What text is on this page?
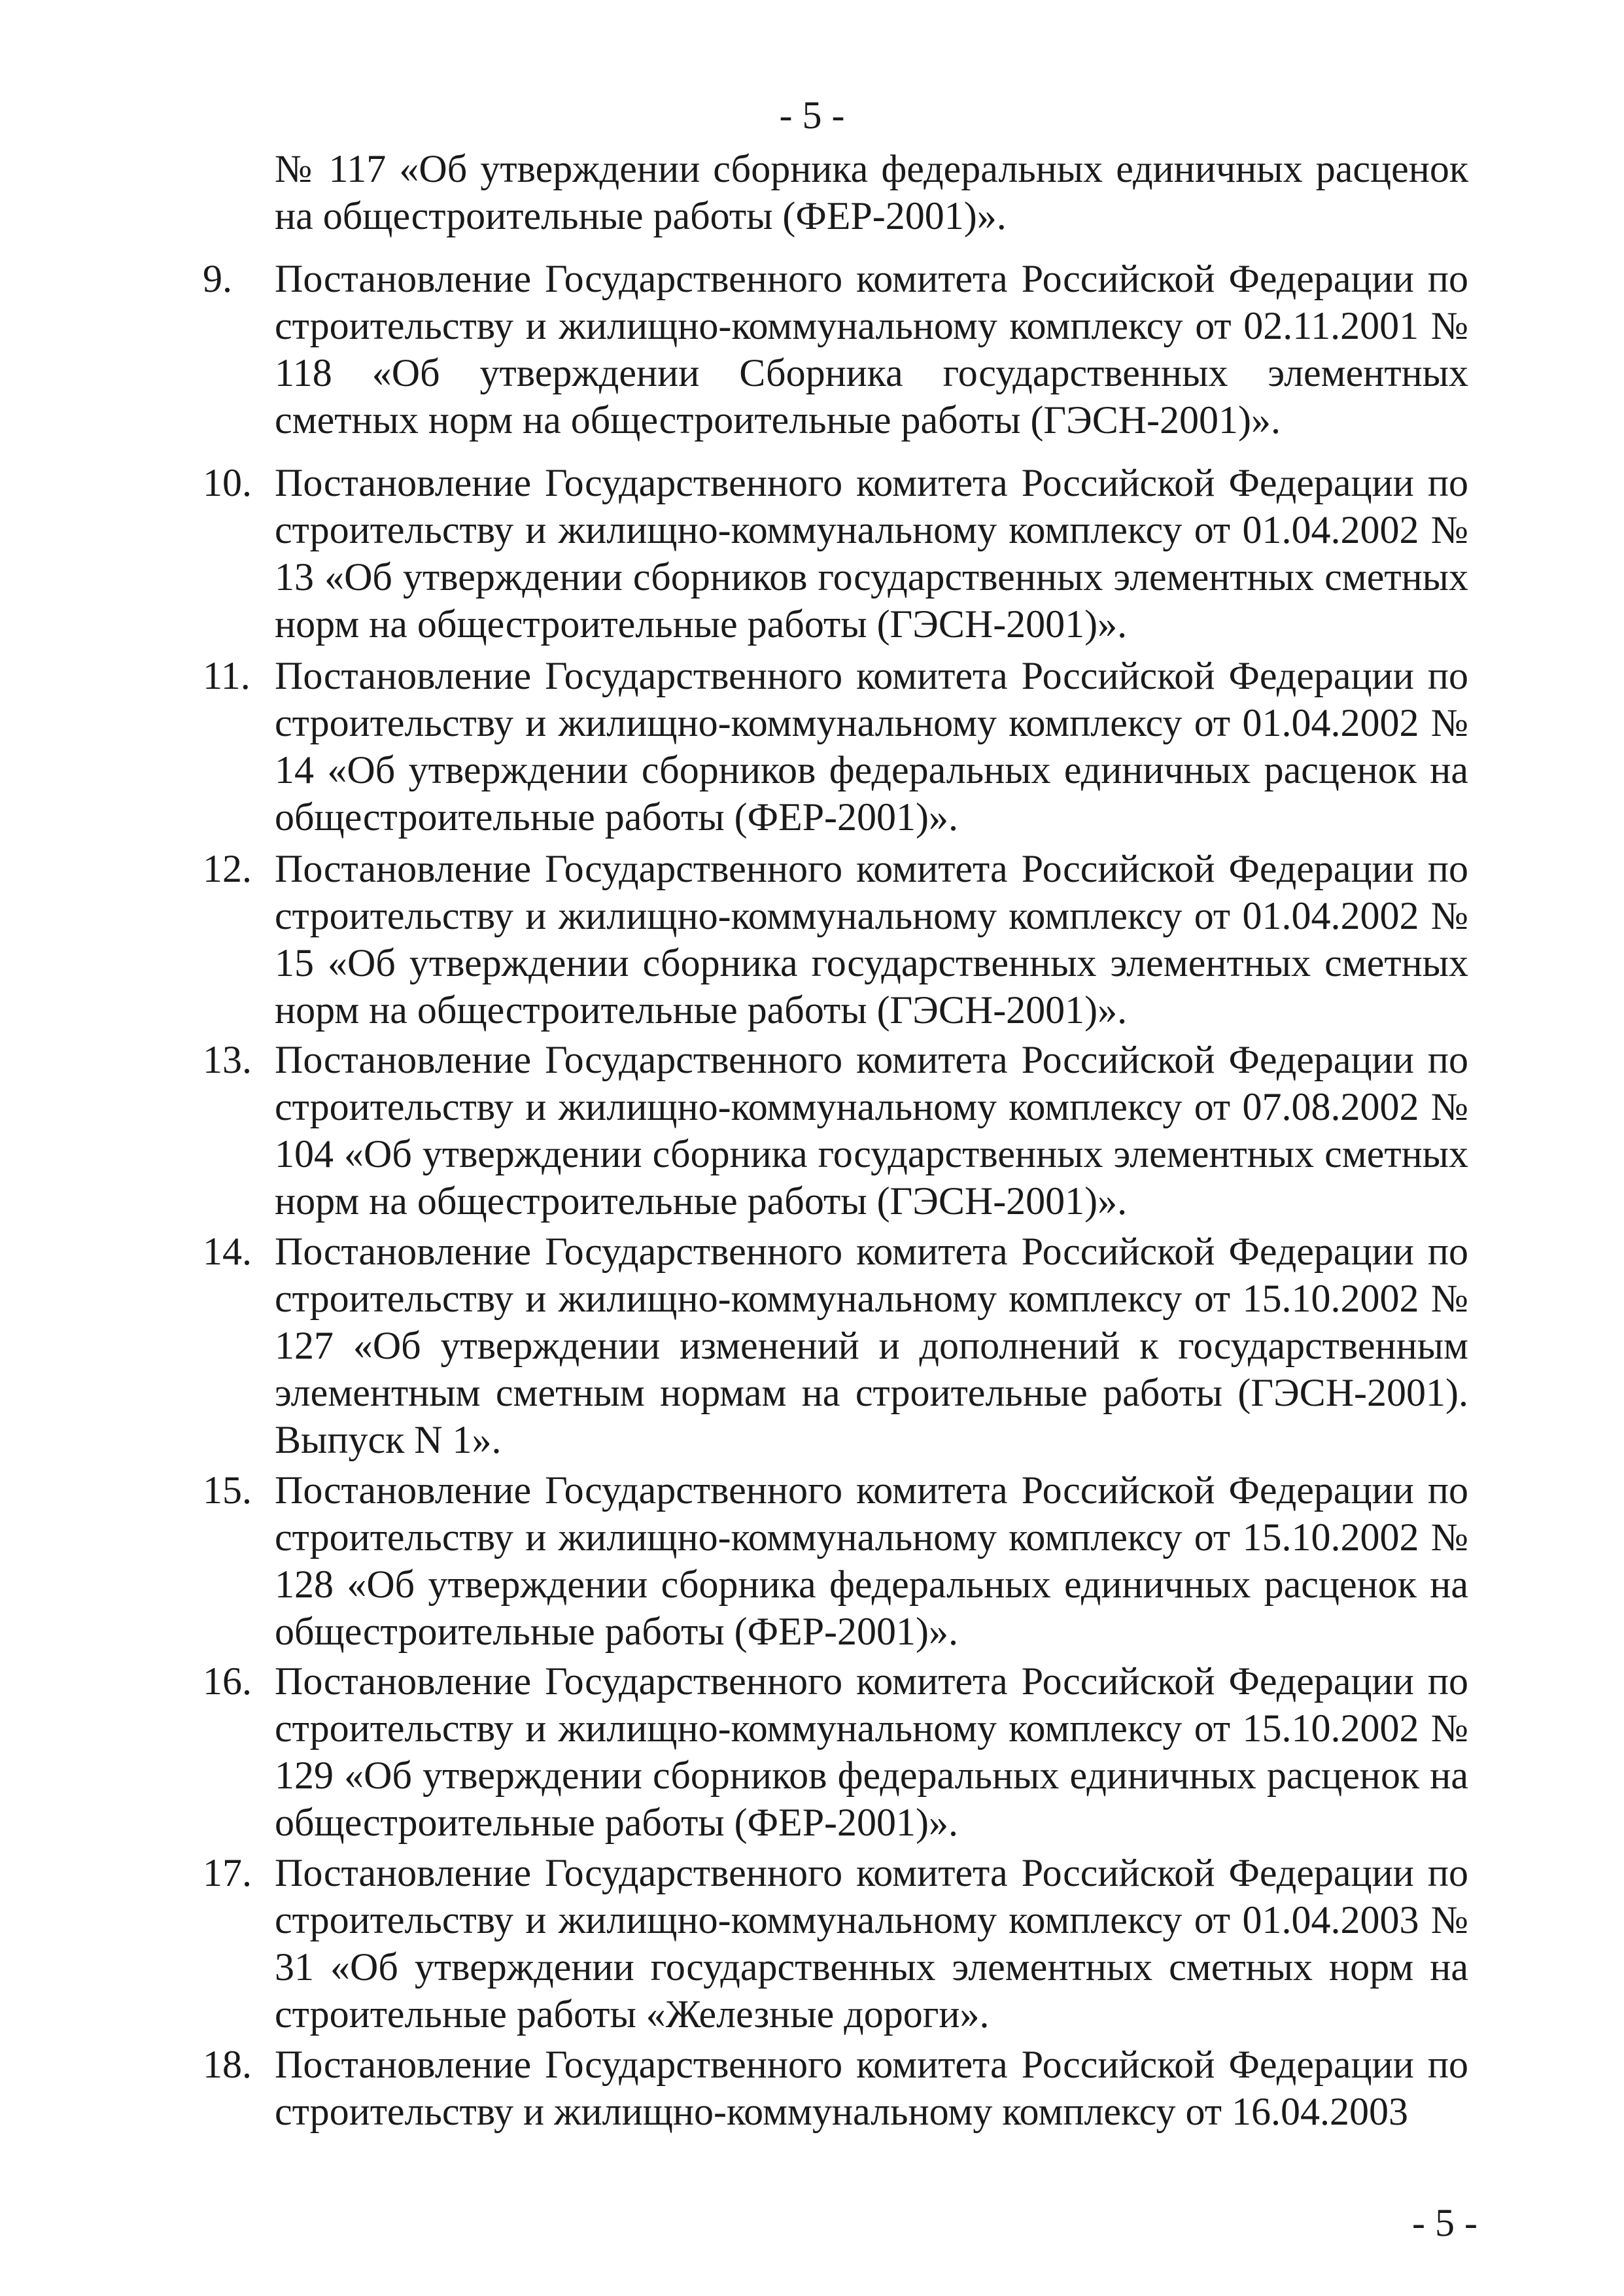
- 5 -
№ 117 «Об утверждении сборника федеральных единичных расценок на общестроительные работы (ФЕР-2001)».
9.	Постановление Государственного комитета Российской Федерации по строительству и жилищно-коммунальному комплексу от 02.11.2001 № 118 «Об утверждении Сборника государственных элементных сметных норм на общестроительные работы (ГЭСН-2001)».
10. Постановление Государственного комитета Российской Федерации по строительству и жилищно-коммунальному комплексу от 01.04.2002 № 13 «Об утверждении сборников государственных элементных сметных норм на общестроительные работы (ГЭСН-2001)».
11. Постановление Государственного комитета Российской Федерации по строительству и жилищно-коммунальному комплексу от 01.04.2002 № 14 «Об утверждении сборников федеральных единичных расценок на общестроительные работы (ФЕР-2001)».
12. Постановление Государственного комитета Российской Федерации по строительству и жилищно-коммунальному комплексу от 01.04.2002 № 15 «Об утверждении сборника государственных элементных сметных норм на общестроительные работы (ГЭСН-2001)».
13. Постановление Государственного комитета Российской Федерации по строительству и жилищно-коммунальному комплексу от 07.08.2002 № 104 «Об утверждении сборника государственных элементных сметных норм на общестроительные работы (ГЭСН-2001)».
14. Постановление Государственного комитета Российской Федерации по строительству и жилищно-коммунальному комплексу от 15.10.2002 № 127 «Об утверждении изменений и дополнений к государственным элементным сметным нормам на строительные работы (ГЭСН-2001). Выпуск N 1».
15. Постановление Государственного комитета Российской Федерации по строительству и жилищно-коммунальному комплексу от 15.10.2002 № 128 «Об утверждении сборника федеральных единичных расценок на общестроительные работы (ФЕР-2001)».
16. Постановление Государственного комитета Российской Федерации по строительству и жилищно-коммунальному комплексу от 15.10.2002 № 129 «Об утверждении сборников федеральных единичных расценок на общестроительные работы (ФЕР-2001)».
17. Постановление Государственного комитета Российской Федерации по строительству и жилищно-коммунальному комплексу от 01.04.2003 № 31 «Об утверждении государственных элементных сметных норм на строительные работы «Железные дороги».
18. Постановление Государственного комитета Российской Федерации по строительству и жилищно-коммунальному комплексу от 16.04.2003
- 5 -
